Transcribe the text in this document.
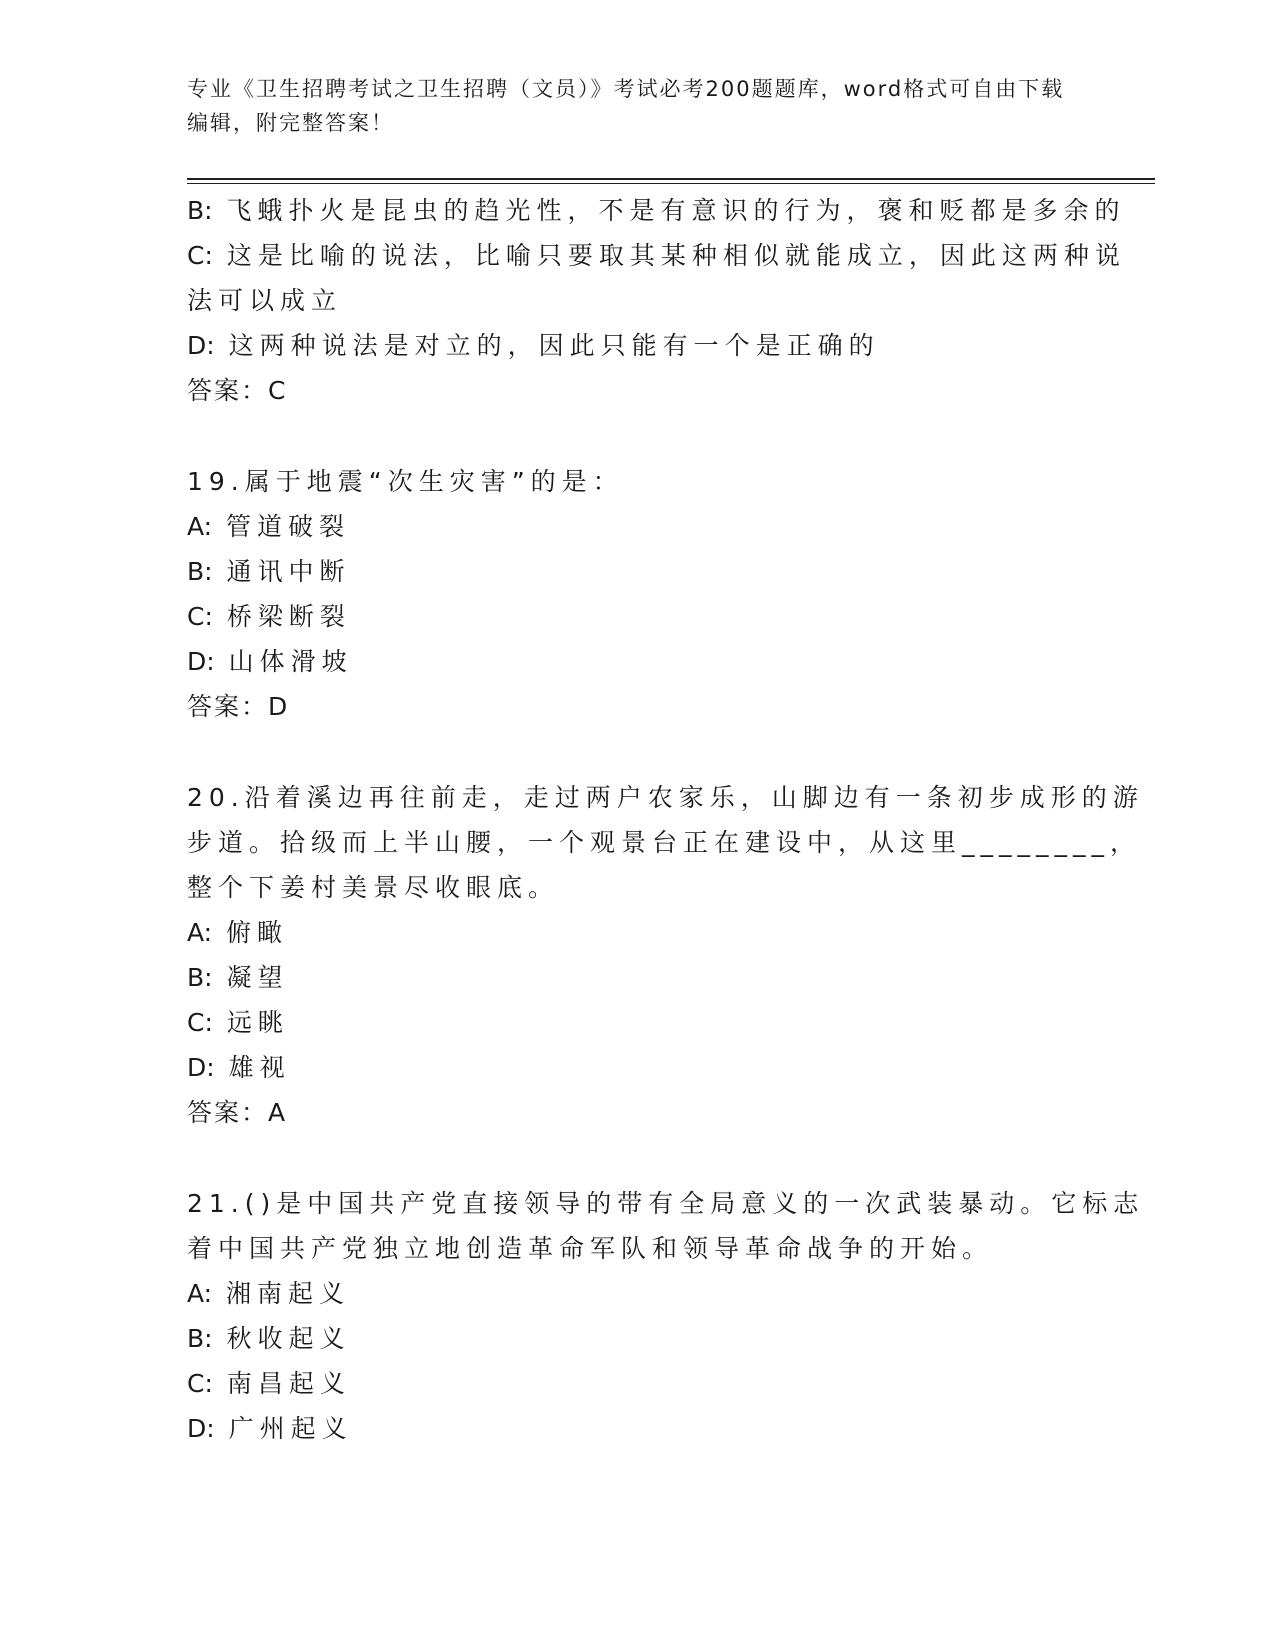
专业《卫生招聘考试之卫生招聘（文员）》考试必考200题题库，word格式可自由下载编辑，附完整答案！
B: 飞蛾扑火是昆虫的趋光性，不是有意识的行为，褒和贬都是多余的
C: 这是比喻的说法，比喻只要取其某种相似就能成立，因此这两种说
法可以成立
D: 这两种说法是对立的，因此只能有一个是正确的
答案：C
19.属于地震“次生灾害”的是：
A: 管道破裂
B: 通讯中断
C: 桥梁断裂
D: 山体滑坡
答案：D
20.沿着溪边再往前走，走过两户农家乐，山脚边有一条初步成形的游
步道。拾级而上半山腰，一个观景台正在建设中，从这里________，
整个下姜村美景尽收眼底。
A: 俯瞰
B: 凝望
C: 远眺
D: 雄视
答案：A
21.()是中国共产党直接领导的带有全局意义的一次武装暴动。它标志
着中国共产党独立地创造革命军队和领导革命战争的开始。
A: 湘南起义
B: 秋收起义
C: 南昌起义
D: 广州起义
